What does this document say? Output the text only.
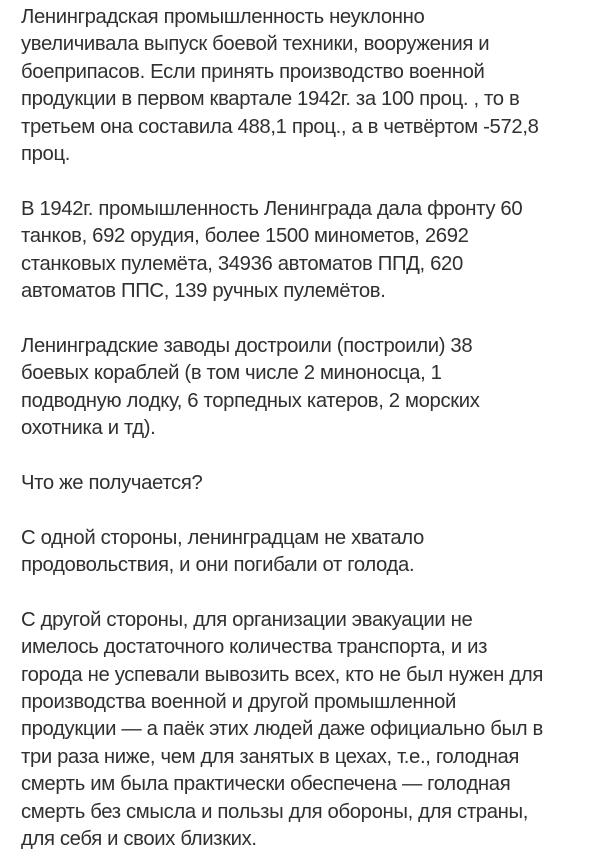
Ленинградская промышленность неуклонно
увеличивала выпуск боевой техники, вооружения и
боеприпасов. Если принять производство военной
продукции в первом квартале 1942г. за 100 проц. , то в
третьем она составила 488,1 проц., а в четвёртом -572,8
проц.

В 1942г. промышленность Ленинграда дала фронту 60
танков, 692 орудия, более 1500 минометов, 2692
станковых пулемёта, 34936 автоматов ППД, 620
автоматов ППС, 139 ручных пулемётов.

Ленинградские заводы достроили (построили) 38
боевых кораблей (в том числе 2 миноносца, 1
подводную лодку, 6 торпедных катеров, 2 морских
охотника и тд).

Что же получается?

С одной стороны, ленинградцам не хватало
продовольствия, и они погибали от голода.

С другой стороны, для организации эвакуации не
имелось достаточного количества транспорта, и из
города не успевали вывозить всех, кто не был нужен для
производства военной и другой промышленной
продукции — а паёк этих людей даже официально был в
три раза ниже, чем для занятых в цехах, т.е., голодная
смерть им была практически обеспечена — голодная
смерть без смысла и пользы для обороны, для страны,
для себя и своих близких.
